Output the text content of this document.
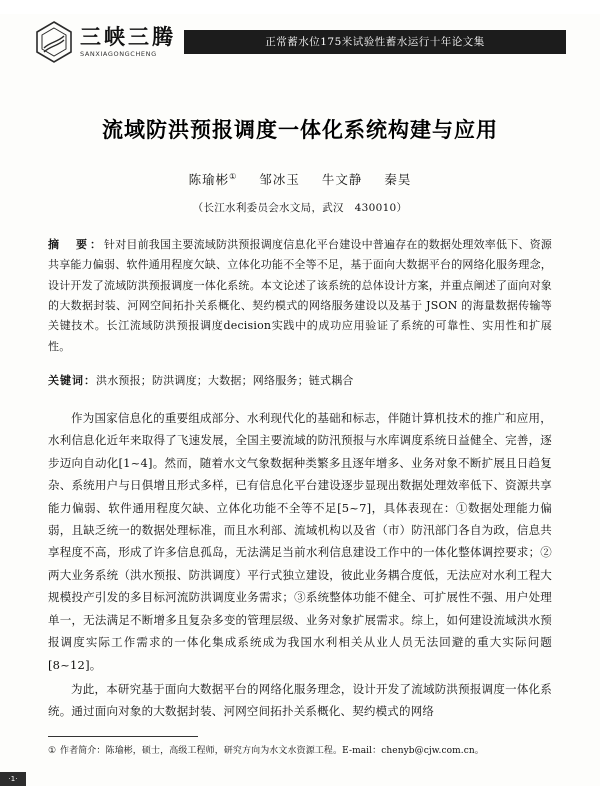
三峡三腾
SANXIAGONGCHENG
正常蓄水位175米试验性蓄水运行十年论文集
流域防洪预报调度一体化系统构建与应用
陈瑜彬① 邹冰玉 牛文静 秦昊
（长江水利委员会水文局，武汉　430010）
摘　要：针对目前我国主要流域防洪预报调度信息化平台建设中普遍存在的数据处理效率低下、资源共享能力偏弱、软件通用程度欠缺、立体化功能不全等不足，基于面向大数据平台的网络化服务理念，设计开发了流域防洪预报调度一体化系统。本文论述了该系统的总体设计方案，并重点阐述了面向对象的大数据封装、河网空间拓扑关系概化、契约模式的网络服务建设以及基于 JSON 的海量数据传输等关键技术。长江流域防洪预报调度decision实践中的成功应用验证了系统的可靠性、实用性和扩展性。
关键词：洪水预报；防洪调度；大数据；网络服务；链式耦合

作为国家信息化的重要组成部分、水利现代化的基础和标志，伴随计算机技术的推广和应用，水利信息化近年来取得了飞速发展，全国主要流域的防汛预报与水库调度系统日益健全、完善，逐步迈向自动化[1~4]。然而，随着水文气象数据种类繁多且逐年增多、业务对象不断扩展且日趋复杂、系统用户与日俱增且形式多样，已有信息化平台建设逐步显现出数据处理效率低下、资源共享能力偏弱、软件通用程度欠缺、立体化功能不全等不足[5~7]，具体表现在：①数据处理能力偏弱，且缺乏统一的数据处理标准，而且水利部、流域机构以及省（市）防汛部门各自为政，信息共享程度不高，形成了许多信息孤岛，无法满足当前水利信息建设工作中的一体化整体调控要求；②两大业务系统（洪水预报、防洪调度）平行式独立建设，彼此业务耦合度低，无法应对水利工程大规模投产引发的多目标河流防洪调度业务需求；③系统整体功能不健全、可扩展性不强、用户处理单一，无法满足不断增多且复杂多变的管理层级、业务对象扩展需求。综上，如何建设流域洪水预报调度实际工作需求的一体化集成系统成为我国水利相关从业人员无法回避的重大实际问题[8~12]。

为此，本研究基于面向大数据平台的网络化服务理念，设计开发了流域防洪预报调度一体化系统。通过面向对象的大数据封装、河网空间拓扑关系概化、契约模式的网络

① 作者简介：陈瑜彬，硕士，高级工程师，研究方向为水文水资源工程。E-mail：chenyb@cjw.com.cn。
·1·
